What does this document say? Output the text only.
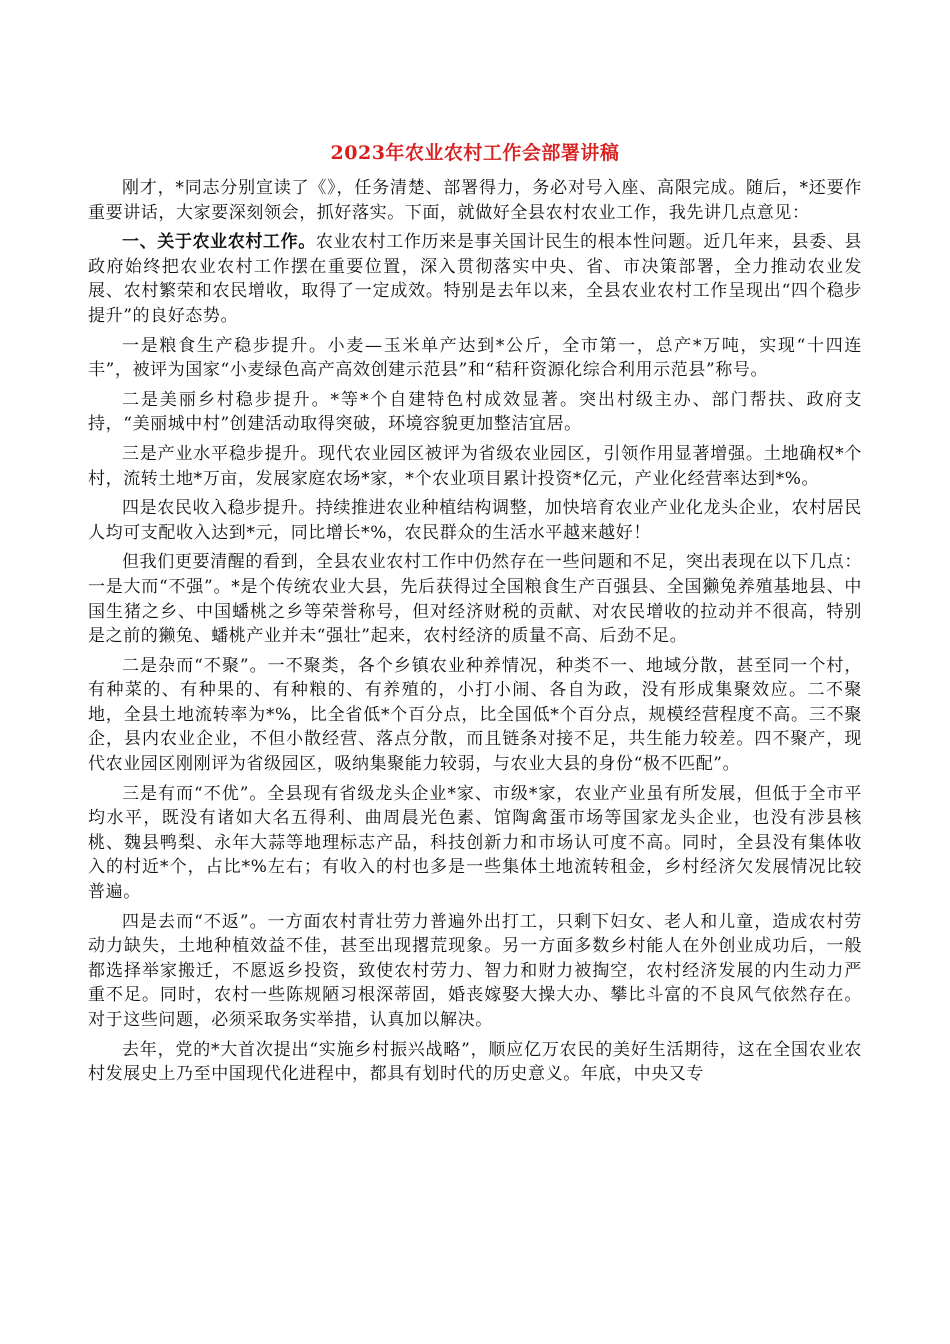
2023年农业农村工作会部署讲稿

刚才，*同志分别宣读了《》，任务清楚、部署得力，务必对号入座、高限完成。随后，*还要作重要讲话，大家要深刻领会，抓好落实。下面，就做好全县农村农业工作，我先讲几点意见：

一、关于农业农村工作。农业农村工作历来是事关国计民生的根本性问题。近几年来，县委、县政府始终把农业农村工作摆在重要位置，深入贯彻落实中央、省、市决策部署，全力推动农业发展、农村繁荣和农民增收，取得了一定成效。特别是去年以来，全县农业农村工作呈现出“四个稳步提升”的良好态势。

一是粮食生产稳步提升。小麦—玉米单产达到*公斤，全市第一，总产*万吨，实现“十四连丰”，被评为国家“小麦绿色高产高效创建示范县”和“秸秆资源化综合利用示范县”称号。

二是美丽乡村稳步提升。*等*个自建特色村成效显著。突出村级主办、部门帮扶、政府支持，“美丽城中村”创建活动取得突破，环境容貌更加整洁宜居。

三是产业水平稳步提升。现代农业园区被评为省级农业园区，引领作用显著增强。土地确权*个村，流转土地*万亩，发展家庭农场*家，*个农业项目累计投资*亿元，产业化经营率达到*%。

四是农民收入稳步提升。持续推进农业种植结构调整，加快培育农业产业化龙头企业，农村居民人均可支配收入达到*元，同比增长*%，农民群众的生活水平越来越好！

但我们更要清醒的看到，全县农业农村工作中仍然存在一些问题和不足，突出表现在以下几点：一是大而“不强”。*是个传统农业大县，先后获得过全国粮食生产百强县、全国獭兔养殖基地县、中国生猪之乡、中国蟠桃之乡等荣誉称号，但对经济财税的贡献、对农民增收的拉动并不很高，特别是之前的獭兔、蟠桃产业并未“强壮”起来，农村经济的质量不高、后劲不足。

二是杂而“不聚”。一不聚类，各个乡镇农业种养情况，种类不一、地域分散，甚至同一个村，有种菜的、有种果的、有种粮的、有养殖的，小打小闹、各自为政，没有形成集聚效应。二不聚地，全县土地流转率为*%，比全省低*个百分点，比全国低*个百分点，规模经营程度不高。三不聚企，县内农业企业，不但小散经营、落点分散，而且链条对接不足，共生能力较差。四不聚产，现代农业园区刚刚评为省级园区，吸纳集聚能力较弱，与农业大县的身份“极不匹配”。

三是有而“不优”。全县现有省级龙头企业*家、市级*家，农业产业虽有所发展，但低于全市平均水平，既没有诸如大名五得利、曲周晨光色素、馆陶禽蛋市场等国家龙头企业，也没有涉县核桃、魏县鸭梨、永年大蒜等地理标志产品，科技创新力和市场认可度不高。同时，全县没有集体收入的村近*个，占比*%左右；有收入的村也多是一些集体土地流转租金，乡村经济欠发展情况比较普遍。

四是去而“不返”。一方面农村青壮劳力普遍外出打工，只剩下妇女、老人和儿童，造成农村劳动力缺失，土地种植效益不佳，甚至出现撂荒现象。另一方面多数乡村能人在外创业成功后，一般都选择举家搬迁，不愿返乡投资，致使农村劳力、智力和财力被掏空，农村经济发展的内生动力严重不足。同时，农村一些陈规陋习根深蒂固，婚丧嫁娶大操大办、攀比斗富的不良风气依然存在。对于这些问题，必须采取务实举措，认真加以解决。

去年，党的*大首次提出“实施乡村振兴战略”，顺应亿万农民的美好生活期待，这在全国农业农村发展史上乃至中国现代化进程中，都具有划时代的历史意义。年底，中央又专
